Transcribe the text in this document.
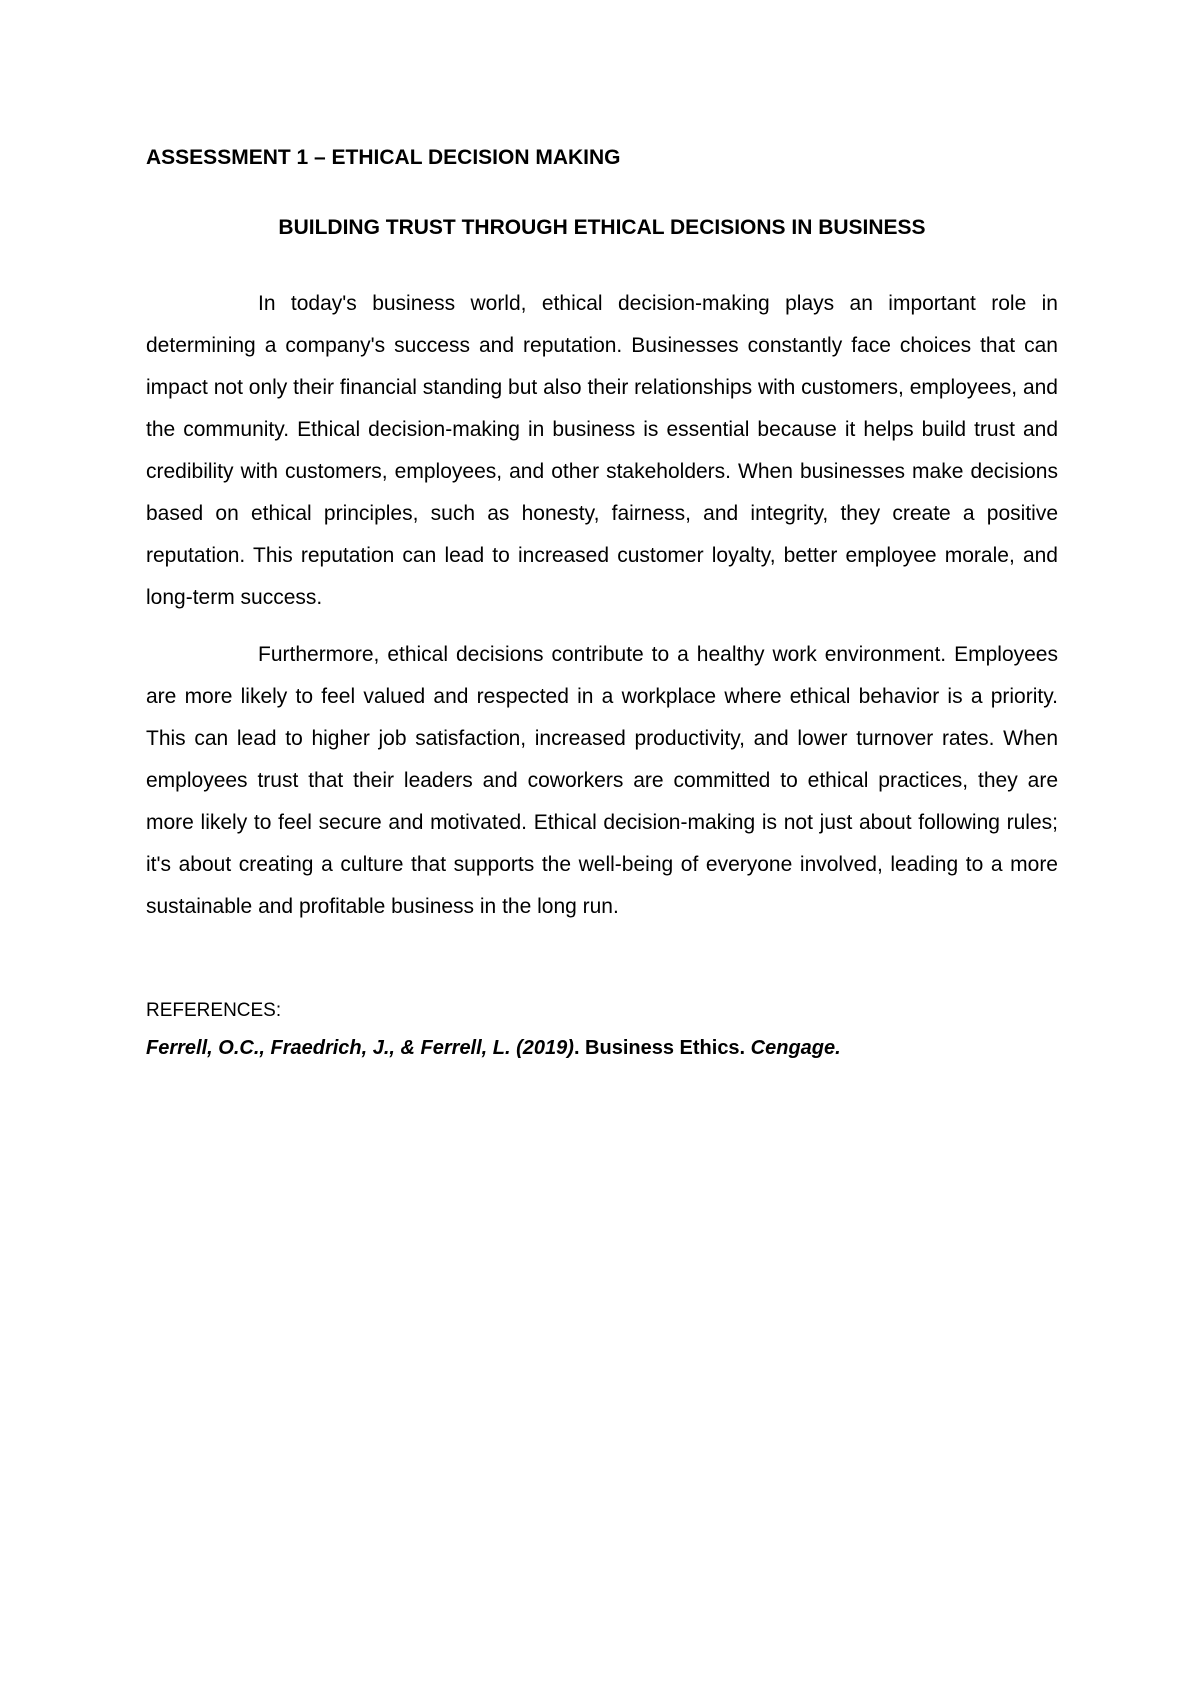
ASSESSMENT 1 – ETHICAL DECISION MAKING
BUILDING TRUST THROUGH ETHICAL DECISIONS IN BUSINESS

In today's business world, ethical decision-making plays an important role in determining a company's success and reputation. Businesses constantly face choices that can impact not only their financial standing but also their relationships with customers, employees, and the community. Ethical decision-making in business is essential because it helps build trust and credibility with customers, employees, and other stakeholders. When businesses make decisions based on ethical principles, such as honesty, fairness, and integrity, they create a positive reputation. This reputation can lead to increased customer loyalty, better employee morale, and long-term success.

Furthermore, ethical decisions contribute to a healthy work environment. Employees are more likely to feel valued and respected in a workplace where ethical behavior is a priority. This can lead to higher job satisfaction, increased productivity, and lower turnover rates. When employees trust that their leaders and coworkers are committed to ethical practices, they are more likely to feel secure and motivated. Ethical decision-making is not just about following rules; it's about creating a culture that supports the well-being of everyone involved, leading to a more sustainable and profitable business in the long run.

REFERENCES:

Ferrell, O.C., Fraedrich, J., & Ferrell, L. (2019). Business Ethics. Cengage.
